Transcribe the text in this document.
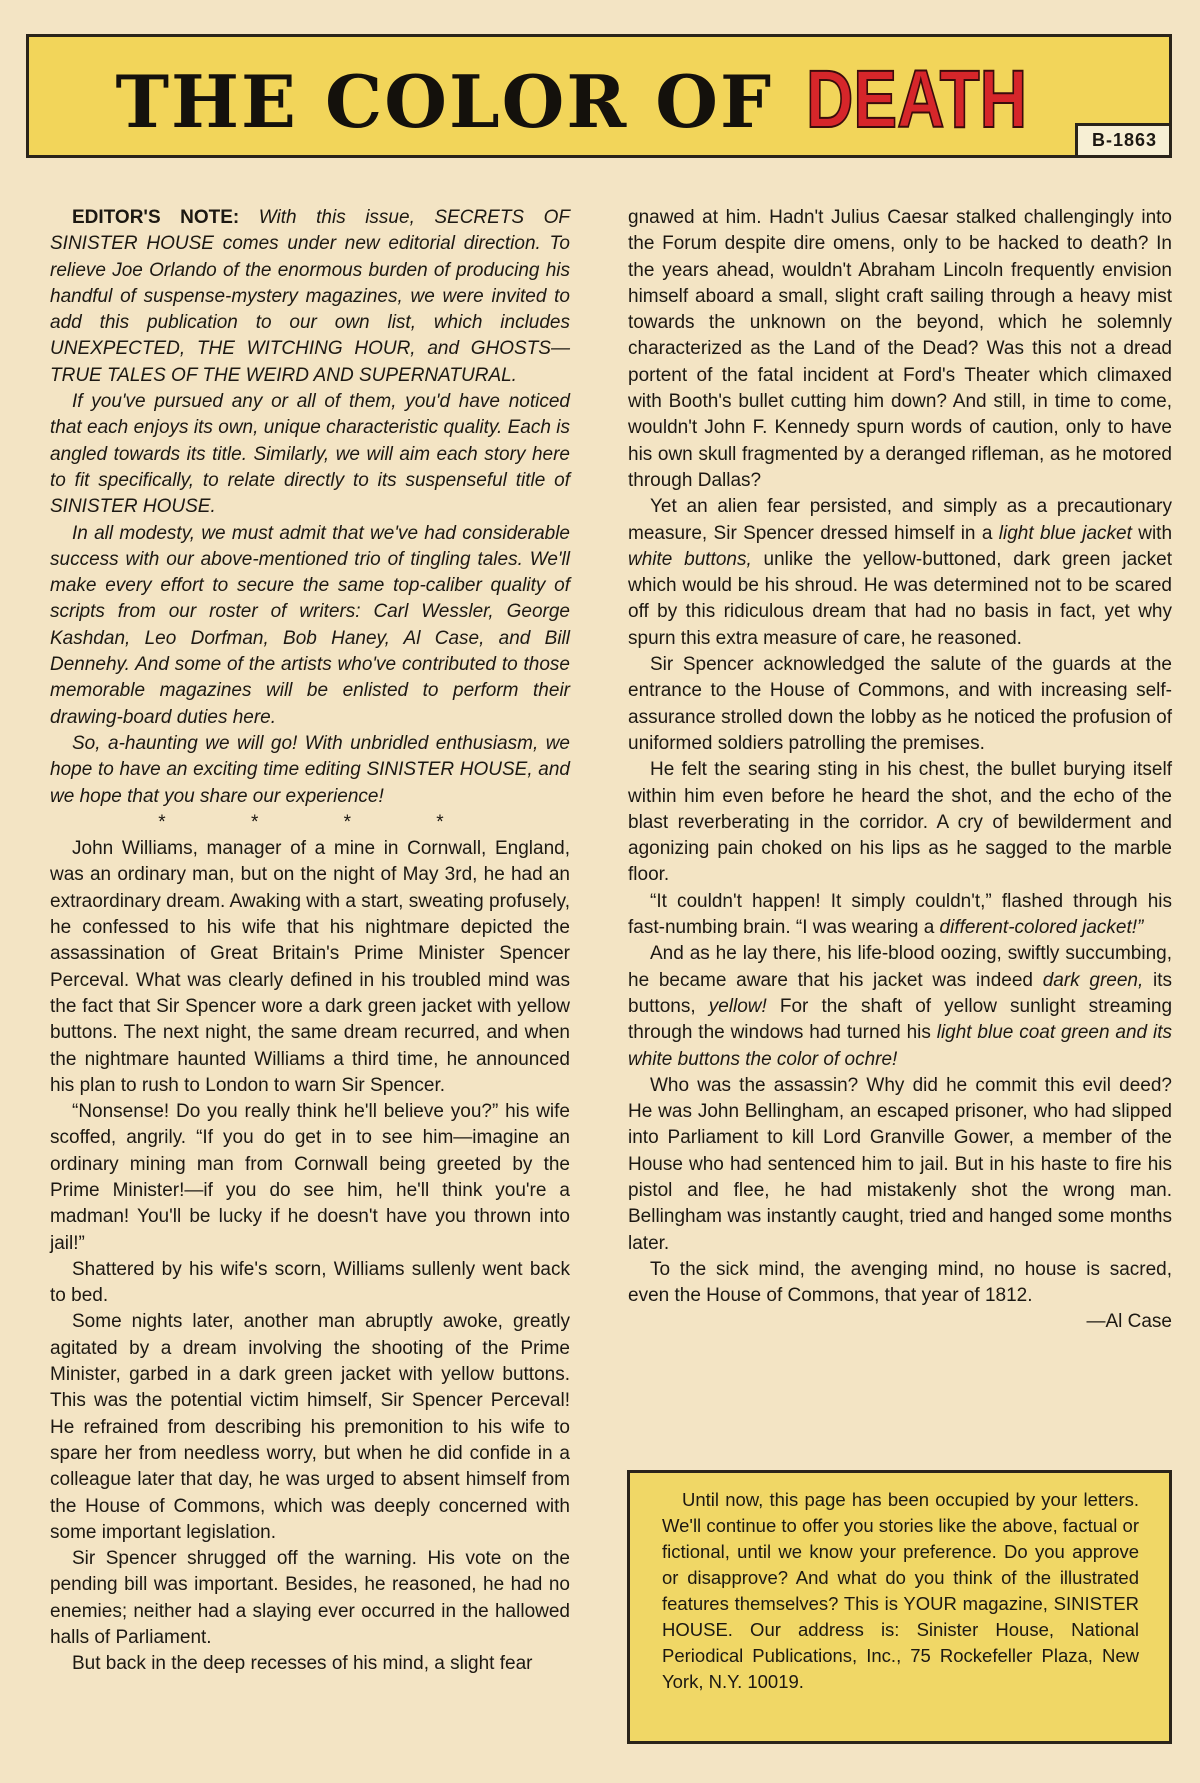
THE COLOR OF DEATH	B-1863

EDITOR'S NOTE: With this issue, SECRETS OF SINISTER HOUSE comes under new editorial direction. To relieve Joe Orlando of the enormous burden of producing his handful of suspense-mystery magazines, we were invited to add this publication to our own list, which includes UNEXPECTED, THE WITCHING HOUR, and GHOSTS—TRUE TALES OF THE WEIRD AND SUPERNATURAL.

If you've pursued any or all of them, you'd have noticed that each enjoys its own, unique characteristic quality. Each is angled towards its title. Similarly, we will aim each story here to fit specifically, to relate directly to its suspenseful title of SINISTER HOUSE.

In all modesty, we must admit that we've had considerable success with our above-mentioned trio of tingling tales. We'll make every effort to secure the same top-caliber quality of scripts from our roster of writers: Carl Wessler, George Kashdan, Leo Dorfman, Bob Haney, Al Case, and Bill Dennehy. And some of the artists who've contributed to those memorable magazines will be enlisted to perform their drawing-board duties here.

So, a-haunting we will go! With unbridled enthusiasm, we hope to have an exciting time editing SINISTER HOUSE, and we hope that you share our experience!

* * * *

John Williams, manager of a mine in Cornwall, England, was an ordinary man, but on the night of May 3rd, he had an extraordinary dream. Awaking with a start, sweating profusely, he confessed to his wife that his nightmare depicted the assassination of Great Britain's Prime Minister Spencer Perceval. What was clearly defined in his troubled mind was the fact that Sir Spencer wore a dark green jacket with yellow buttons. The next night, the same dream recurred, and when the nightmare haunted Williams a third time, he announced his plan to rush to London to warn Sir Spencer.

“Nonsense! Do you really think he'll believe you?” his wife scoffed, angrily. “If you do get in to see him—imagine an ordinary mining man from Cornwall being greeted by the Prime Minister!—if you do see him, he'll think you're a madman! You'll be lucky if he doesn't have you thrown into jail!”

Shattered by his wife's scorn, Williams sullenly went back to bed.

Some nights later, another man abruptly awoke, greatly agitated by a dream involving the shooting of the Prime Minister, garbed in a dark green jacket with yellow buttons. This was the potential victim himself, Sir Spencer Perceval! He refrained from describing his premonition to his wife to spare her from needless worry, but when he did confide in a colleague later that day, he was urged to absent himself from the House of Commons, which was deeply concerned with some important legislation.

Sir Spencer shrugged off the warning. His vote on the pending bill was important. Besides, he reasoned, he had no enemies; neither had a slaying ever occurred in the hallowed halls of Parliament.

But back in the deep recesses of his mind, a slight fear

gnawed at him. Hadn't Julius Caesar stalked challengingly into the Forum despite dire omens, only to be hacked to death? In the years ahead, wouldn't Abraham Lincoln frequently envision himself aboard a small, slight craft sailing through a heavy mist towards the unknown on the beyond, which he solemnly characterized as the Land of the Dead? Was this not a dread portent of the fatal incident at Ford's Theater which climaxed with Booth's bullet cutting him down? And still, in time to come, wouldn't John F. Kennedy spurn words of caution, only to have his own skull fragmented by a deranged rifleman, as he motored through Dallas?

Yet an alien fear persisted, and simply as a precautionary measure, Sir Spencer dressed himself in a light blue jacket with white buttons, unlike the yellow-buttoned, dark green jacket which would be his shroud. He was determined not to be scared off by this ridiculous dream that had no basis in fact, yet why spurn this extra measure of care, he reasoned.

Sir Spencer acknowledged the salute of the guards at the entrance to the House of Commons, and with increasing self-assurance strolled down the lobby as he noticed the profusion of uniformed soldiers patrolling the premises.

He felt the searing sting in his chest, the bullet burying itself within him even before he heard the shot, and the echo of the blast reverberating in the corridor. A cry of bewilderment and agonizing pain choked on his lips as he sagged to the marble floor.

“It couldn't happen! It simply couldn't,” flashed through his fast-numbing brain. “I was wearing a different-colored jacket!”

And as he lay there, his life-blood oozing, swiftly succumbing, he became aware that his jacket was indeed dark green, its buttons, yellow! For the shaft of yellow sunlight streaming through the windows had turned his light blue coat green and its white buttons the color of ochre!

Who was the assassin? Why did he commit this evil deed? He was John Bellingham, an escaped prisoner, who had slipped into Parliament to kill Lord Granville Gower, a member of the House who had sentenced him to jail. But in his haste to fire his pistol and flee, he had mistakenly shot the wrong man. Bellingham was instantly caught, tried and hanged some months later.

To the sick mind, the avenging mind, no house is sacred, even the House of Commons, that year of 1812.

—Al Case

Until now, this page has been occupied by your letters. We'll continue to offer you stories like the above, factual or fictional, until we know your preference. Do you approve or disapprove? And what do you think of the illustrated features themselves? This is YOUR magazine, SINISTER HOUSE. Our address is: Sinister House, National Periodical Publications, Inc., 75 Rockefeller Plaza, New York, N.Y. 10019.
